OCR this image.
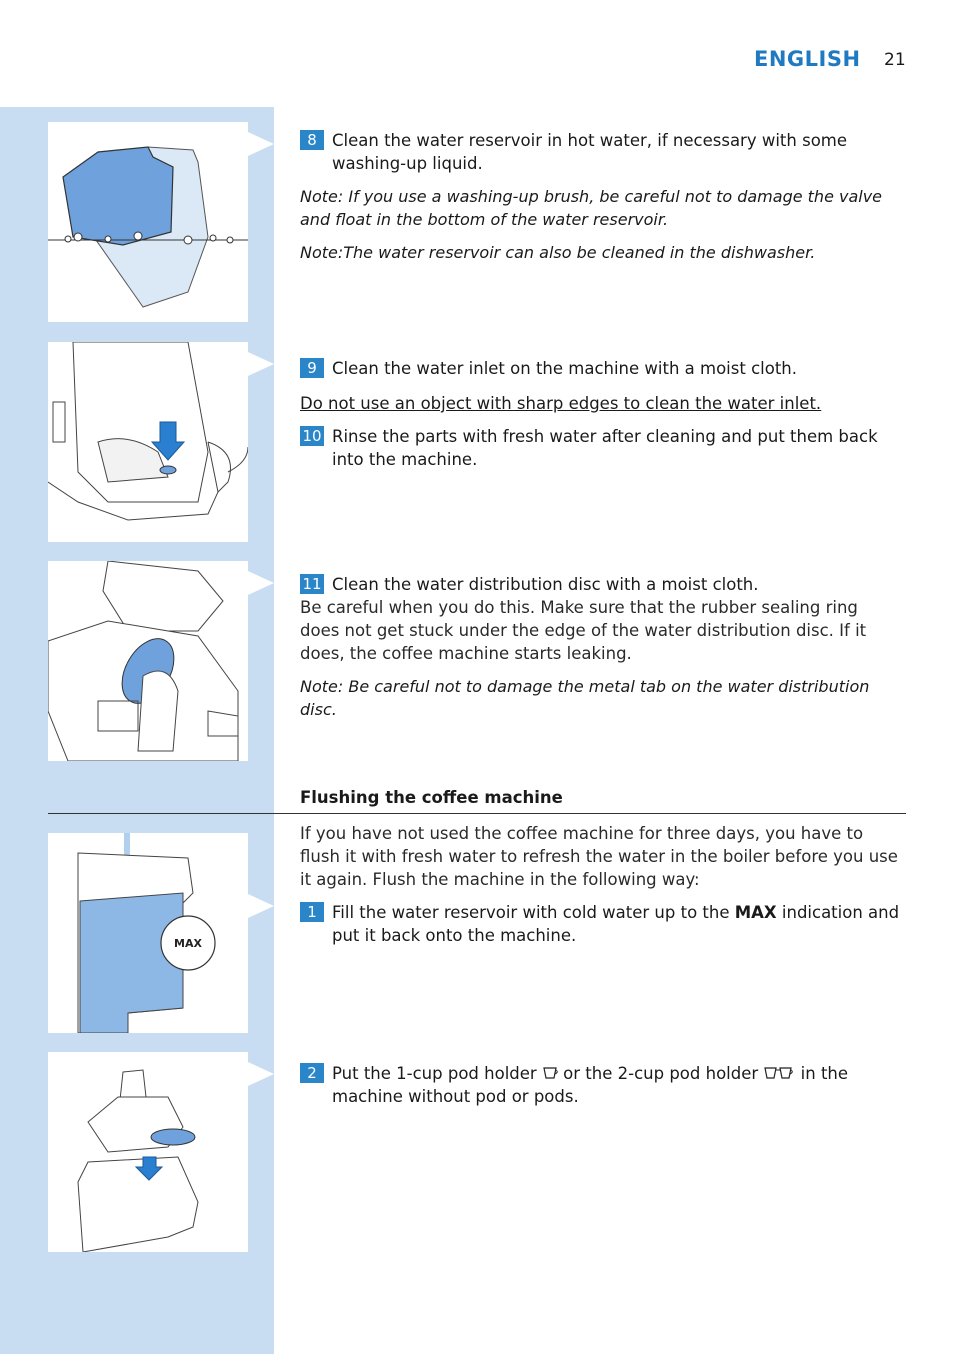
ENGLISH 21
MAX
8 Clean the water reservoir in hot water, if necessary with some washing-up liquid.
Note: If you use a washing-up brush, be careful not to damage the valve and float in the bottom of the water reservoir.
Note:The water reservoir can also be cleaned in the dishwasher.
9 Clean the water inlet on the machine with a moist cloth.
Do not use an object with sharp edges to clean the water inlet.
10 Rinse the parts with fresh water after cleaning and put them back into the machine.
11 Clean the water distribution disc with a moist cloth.
Be careful when you do this. Make sure that the rubber sealing ring does not get stuck under the edge of the water distribution disc. If it does, the coffee machine starts leaking.
Note: Be careful not to damage the metal tab on the water distribution disc.
Flushing the coffee machine
If you have not used the coffee machine for three days, you have to flush it with fresh water to refresh the water in the boiler before you use it again. Flush the machine in the following way:
1 Fill the water reservoir with cold water up to the MAX indication and put it back onto the machine.
2 Put the 1-cup pod holder  or the 2-cup pod holder  in the machine without pod or pods.
